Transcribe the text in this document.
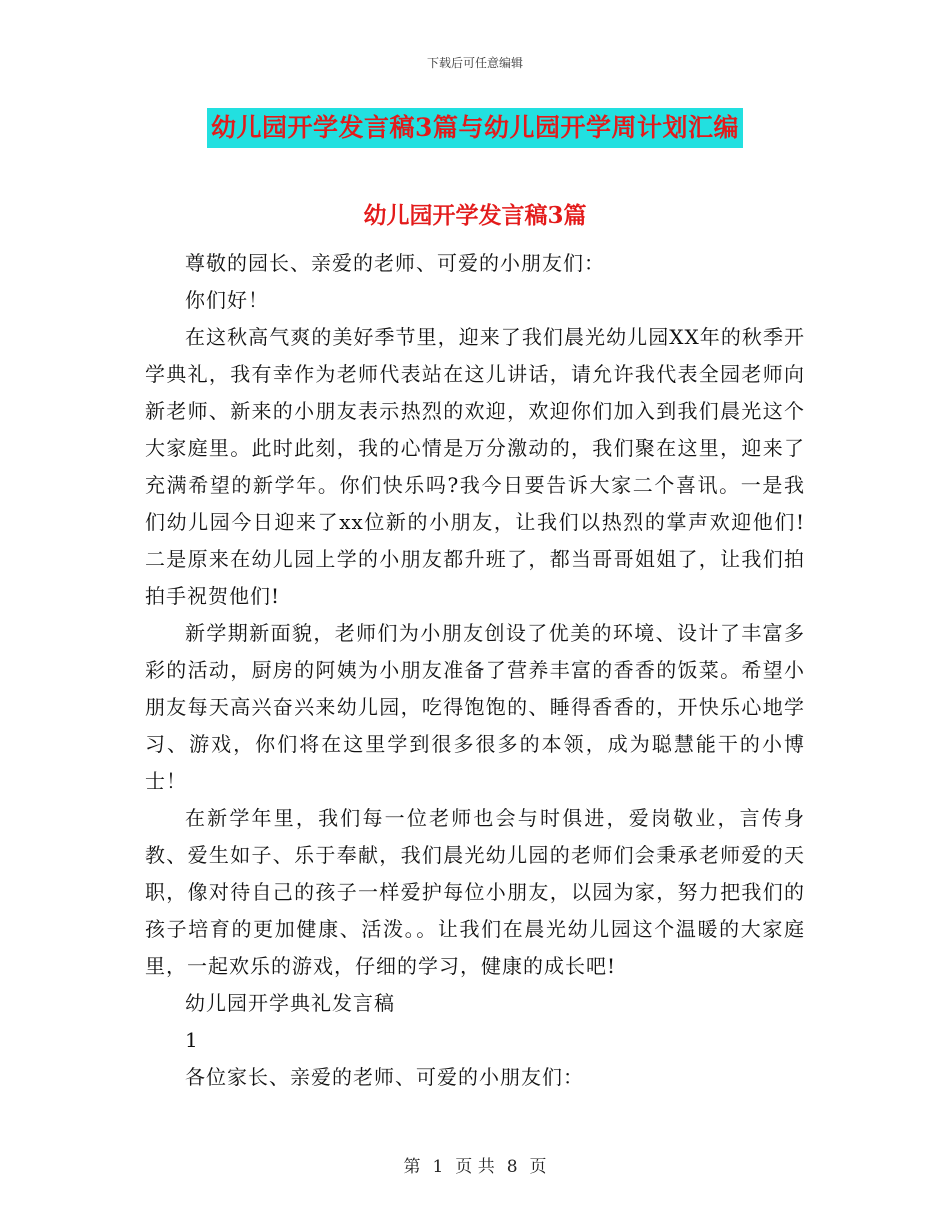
下载后可任意编辑
幼儿园开学发言稿3篇与幼儿园开学周计划汇编
幼儿园开学发言稿3篇

尊敬的园长、亲爱的老师、可爱的小朋友们：

你们好！

在这秋高气爽的美好季节里，迎来了我们晨光幼儿园XX年的秋季开学典礼，我有幸作为老师代表站在这儿讲话，请允许我代表全园老师向新老师、新来的小朋友表示热烈的欢迎，欢迎你们加入到我们晨光这个大家庭里。此时此刻，我的心情是万分激动的，我们聚在这里，迎来了充满希望的新学年。你们快乐吗?我今日要告诉大家二个喜讯。一是我们幼儿园今日迎来了xx位新的小朋友，让我们以热烈的掌声欢迎他们!二是原来在幼儿园上学的小朋友都升班了，都当哥哥姐姐了，让我们拍拍手祝贺他们!

新学期新面貌，老师们为小朋友创设了优美的环境、设计了丰富多彩的活动，厨房的阿姨为小朋友准备了营养丰富的香香的饭菜。希望小朋友每天高兴奋兴来幼儿园，吃得饱饱的、睡得香香的，开快乐心地学习、游戏，你们将在这里学到很多很多的本领，成为聪慧能干的小博士！

在新学年里，我们每一位老师也会与时俱进，爱岗敬业，言传身教、爱生如子、乐于奉献，我们晨光幼儿园的老师们会秉承老师爱的天职，像对待自己的孩子一样爱护每位小朋友，以园为家，努力把我们的孩子培育的更加健康、活泼。。让我们在晨光幼儿园这个温暖的大家庭里，一起欢乐的游戏，仔细的学习，健康的成长吧!

幼儿园开学典礼发言稿

1

各位家长、亲爱的老师、可爱的小朋友们：

第 1 页 共 8 页
